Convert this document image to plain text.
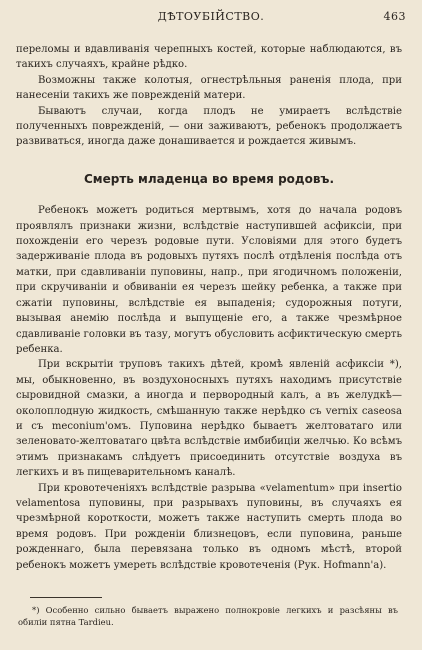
ДѢТОУБІЙСТВО.	463

переломы и вдавливанія черепныхъ костей, которые наблюдаются, въ такихъ случаяхъ, крайне рѣдко.

Возможны также колотыя, огнестрѣльныя раненія плода, при нанесеніи такихъ же поврежденій матери.

Бываютъ случаи, когда плодъ не умираетъ вслѣдствіе полученныхъ поврежденій, — они заживаютъ, ребенокъ продолжаетъ развиваться, иногда даже донашивается и рождается живымъ.

Смерть младенца во время родовъ.

Ребенокъ можетъ родиться мертвымъ, хотя до начала родовъ проявлялъ признаки жизни, вслѣдствіе наступившей асфиксіи, при похожденіи его черезъ родовые пути. Условіями для этого будетъ задерживаніе плода въ родовыхъ путяхъ послѣ отдѣленія послѣда отъ матки, при сдавливаніи пуповины, напр., при ягодичномъ положеніи, при скручиваніи и обвиваніи ея черезъ шейку ребенка, а также при сжатіи пуповины, вслѣдствіе ея выпаденія; судорожныя потуги, вызывая анемію послѣда и выпущеніе его, а также чрезмѣрное сдавливаніе головки въ тазу, могутъ обусловить асфиктическую смерть ребенка.

При вскрытіи труповъ такихъ дѣтей, кромѣ явленій асфиксіи *), мы, обыкновенно, въ воздухоносныхъ путяхъ находимъ присутствіе сыровидной смазки, а иногда и первородный калъ, а въ желудкѣ—околоплодную жидкость, смѣшанную также нерѣдко съ vernix caseosa и съ meconium'омъ. Пуповина нерѣдко бываетъ желтоватаго или зеленовато-желтоватаго цвѣта вслѣдствіе имбибиціи желчью. Ко всѣмъ этимъ признакамъ слѣдуетъ присоединить отсутствіе воздуха въ легкихъ и въ пищеварительномъ каналѣ.

При кровотеченіяхъ вслѣдствіе разрыва «velamentum» при insertio velamentosa пуповины, при разрывахъ пуповины, въ случаяхъ ея чрезмѣрной короткости, можетъ также наступить смерть плода во время родовъ. При рожденіи близнецовъ, если пуповина, раньше рожденнаго, была перевязана только въ одномъ мѣстѣ, второй ребенокъ можетъ умереть вслѣдствіе кровотеченія (Рук. Hofmann'a).

*) Особенно сильно бываетъ выражено полнокровіе легкихъ и разсѣяны въ обиліи пятна Tardieu.
